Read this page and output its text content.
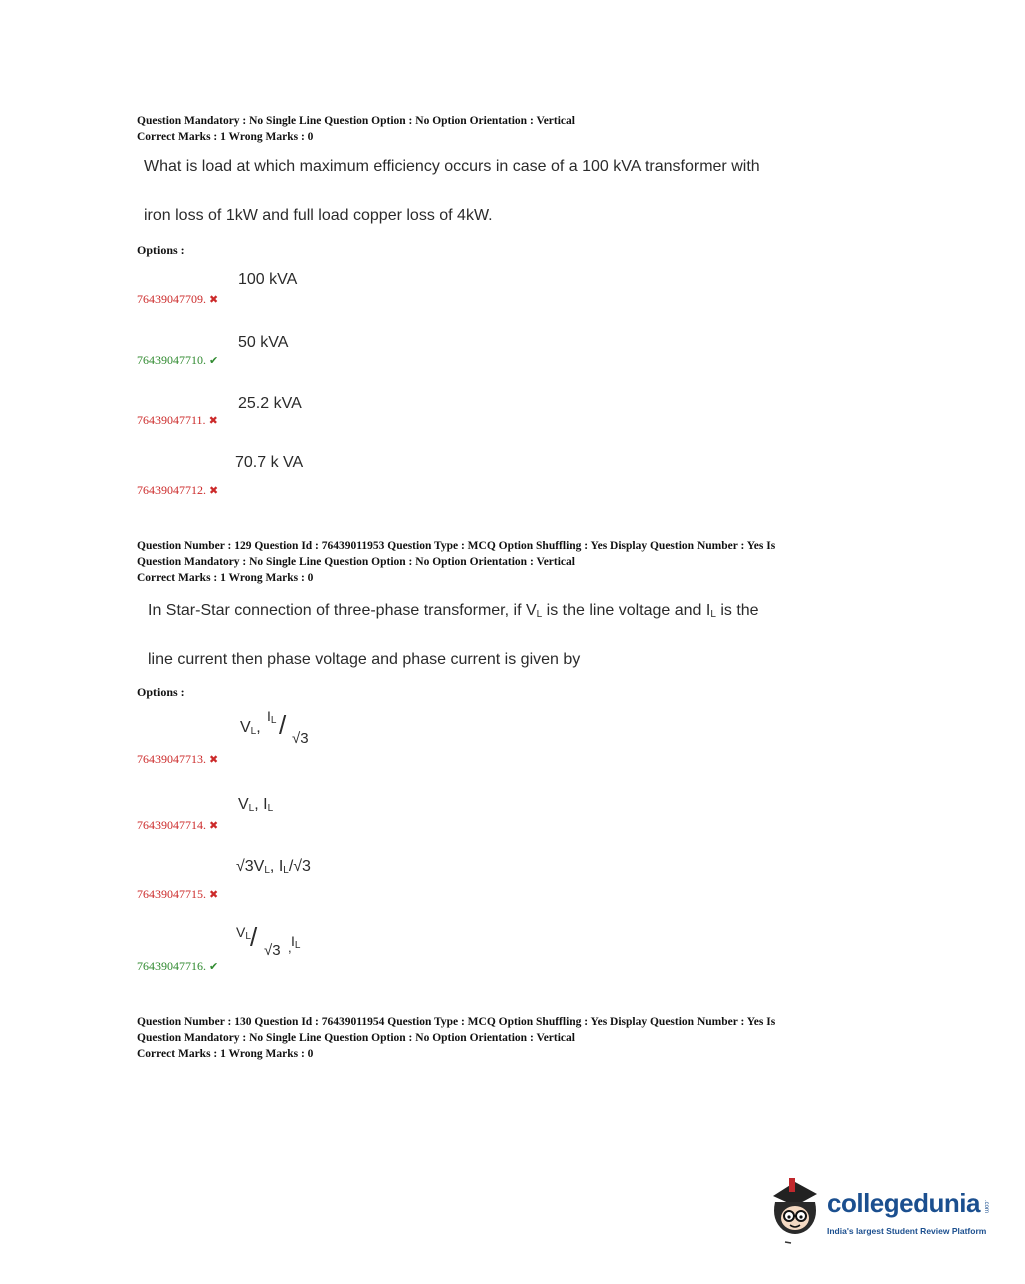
Question Mandatory : No Single Line Question Option : No Option Orientation : Vertical
Correct Marks : 1 Wrong Marks : 0
What is load at which maximum efficiency occurs in case of a 100 kVA transformer with
iron loss of 1kW and full load copper loss of 4kW.
Options :
100 kVA
76439047709. ✖
50 kVA
76439047710. ✔
25.2 kVA
76439047711. ✖
70.7 k VA
76439047712. ✖
Question Number : 129 Question Id : 76439011953 Question Type : MCQ Option Shuffling : Yes Display Question Number : Yes Is
Question Mandatory : No Single Line Question Option : No Option Orientation : Vertical
Correct Marks : 1 Wrong Marks : 0
In Star-Star connection of three-phase transformer, if $V_L$ is the line voltage and $I_L$ is the
line current then phase voltage and phase current is given by
Options :
$V_L$,
$I_L / √3$
76439047713. ✖
$V_L$, $I_L$
76439047714. ✖
$√3V_L$, $I_L/√3$
76439047715. ✖
$V_L / √3$ , $I_L$
76439047716. ✔
Question Number : 130 Question Id : 76439011954 Question Type : MCQ Option Shuffling : Yes Display Question Number : Yes Is
Question Mandatory : No Single Line Question Option : No Option Orientation : Vertical
Correct Marks : 1 Wrong Marks : 0
collegedunia .com
India's largest Student Review Platform
